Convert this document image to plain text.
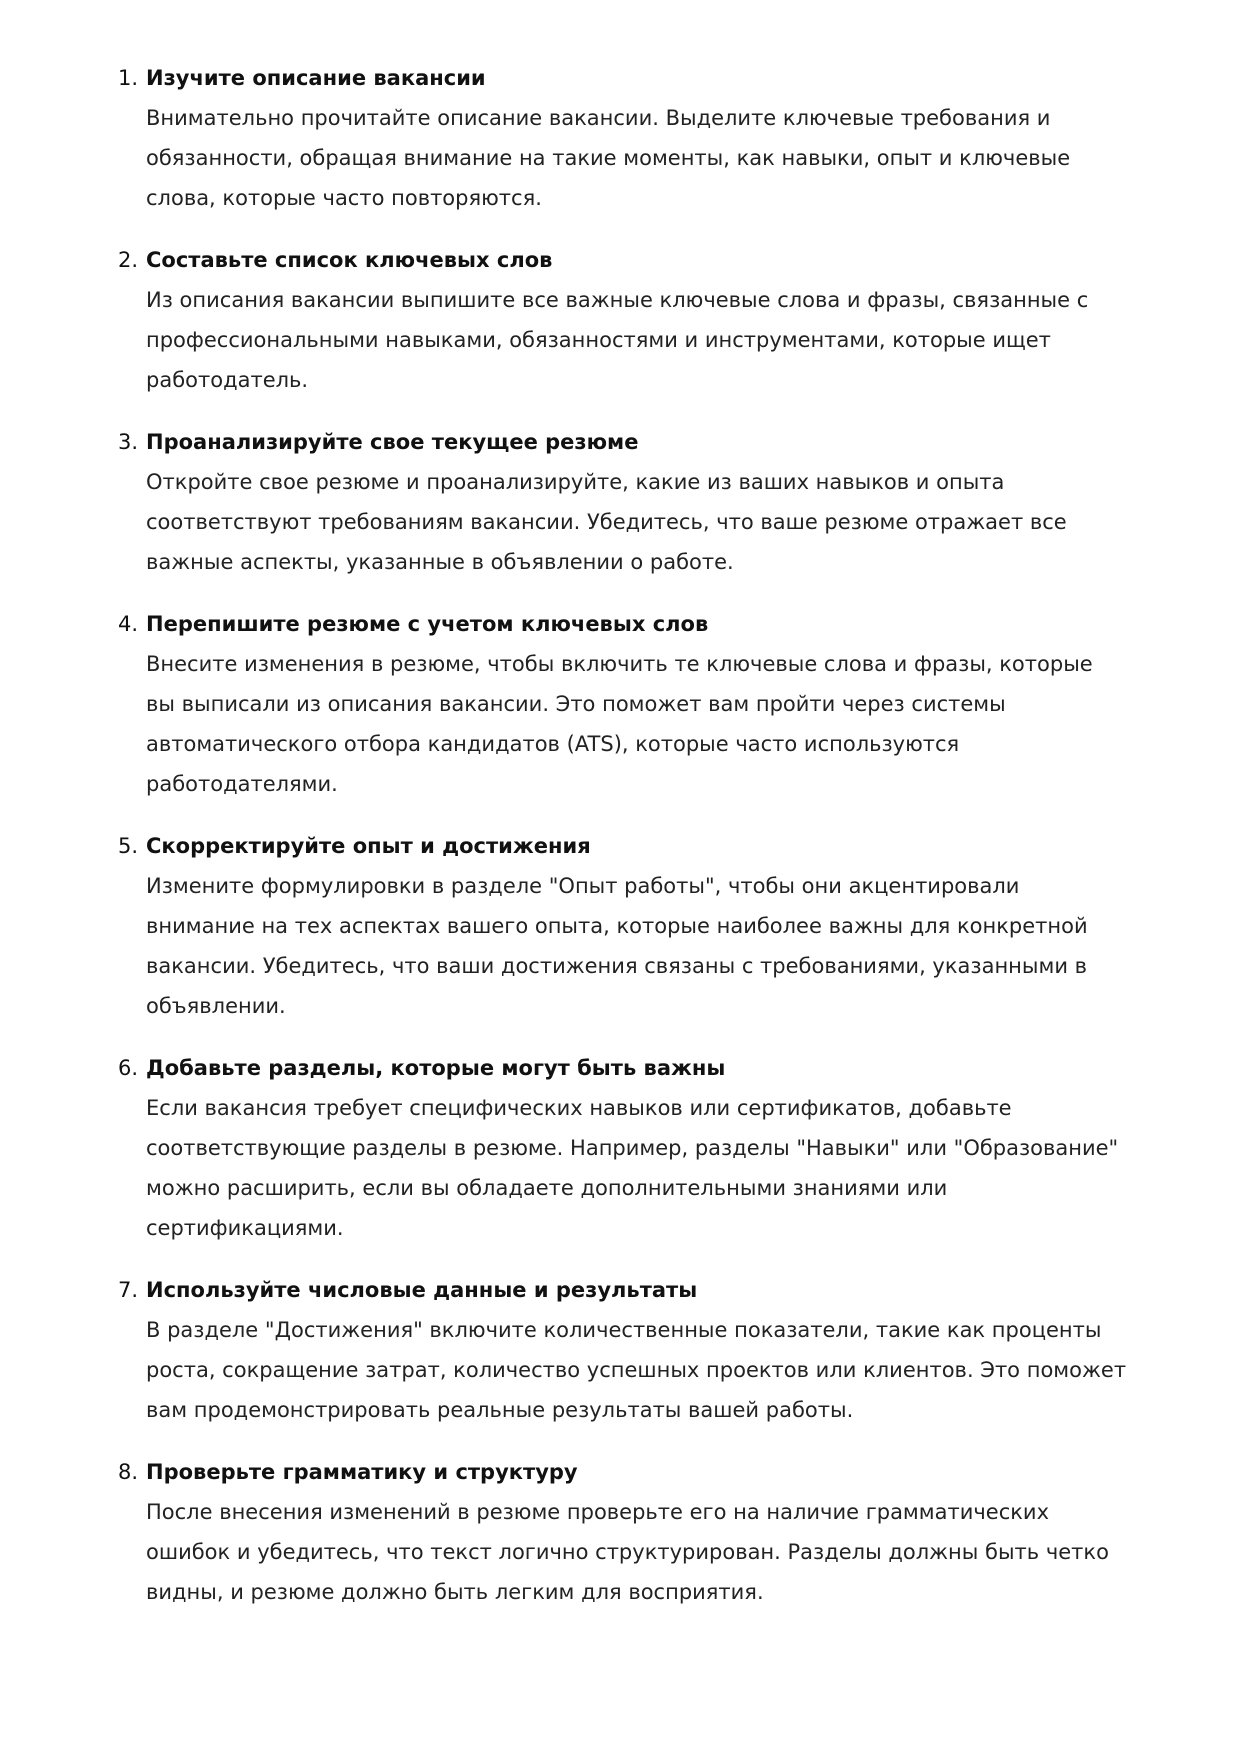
1. Изучите описание вакансии
Внимательно прочитайте описание вакансии. Выделите ключевые требования и
обязанности, обращая внимание на такие моменты, как навыки, опыт и ключевые
слова, которые часто повторяются.
2. Составьте список ключевых слов
Из описания вакансии выпишите все важные ключевые слова и фразы, связанные с
профессиональными навыками, обязанностями и инструментами, которые ищет
работодатель.
3. Проанализируйте свое текущее резюме
Откройте свое резюме и проанализируйте, какие из ваших навыков и опыта
соответствуют требованиям вакансии. Убедитесь, что ваше резюме отражает все
важные аспекты, указанные в объявлении о работе.
4. Перепишите резюме с учетом ключевых слов
Внесите изменения в резюме, чтобы включить те ключевые слова и фразы, которые
вы выписали из описания вакансии. Это поможет вам пройти через системы
автоматического отбора кандидатов (ATS), которые часто используются
работодателями.
5. Скорректируйте опыт и достижения
Измените формулировки в разделе "Опыт работы", чтобы они акцентировали
внимание на тех аспектах вашего опыта, которые наиболее важны для конкретной
вакансии. Убедитесь, что ваши достижения связаны с требованиями, указанными в
объявлении.
6. Добавьте разделы, которые могут быть важны
Если вакансия требует специфических навыков или сертификатов, добавьте
соответствующие разделы в резюме. Например, разделы "Навыки" или "Образование"
можно расширить, если вы обладаете дополнительными знаниями или
сертификациями.
7. Используйте числовые данные и результаты
В разделе "Достижения" включите количественные показатели, такие как проценты
роста, сокращение затрат, количество успешных проектов или клиентов. Это поможет
вам продемонстрировать реальные результаты вашей работы.
8. Проверьте грамматику и структуру
После внесения изменений в резюме проверьте его на наличие грамматических
ошибок и убедитесь, что текст логично структурирован. Разделы должны быть четко
видны, и резюме должно быть легким для восприятия.
